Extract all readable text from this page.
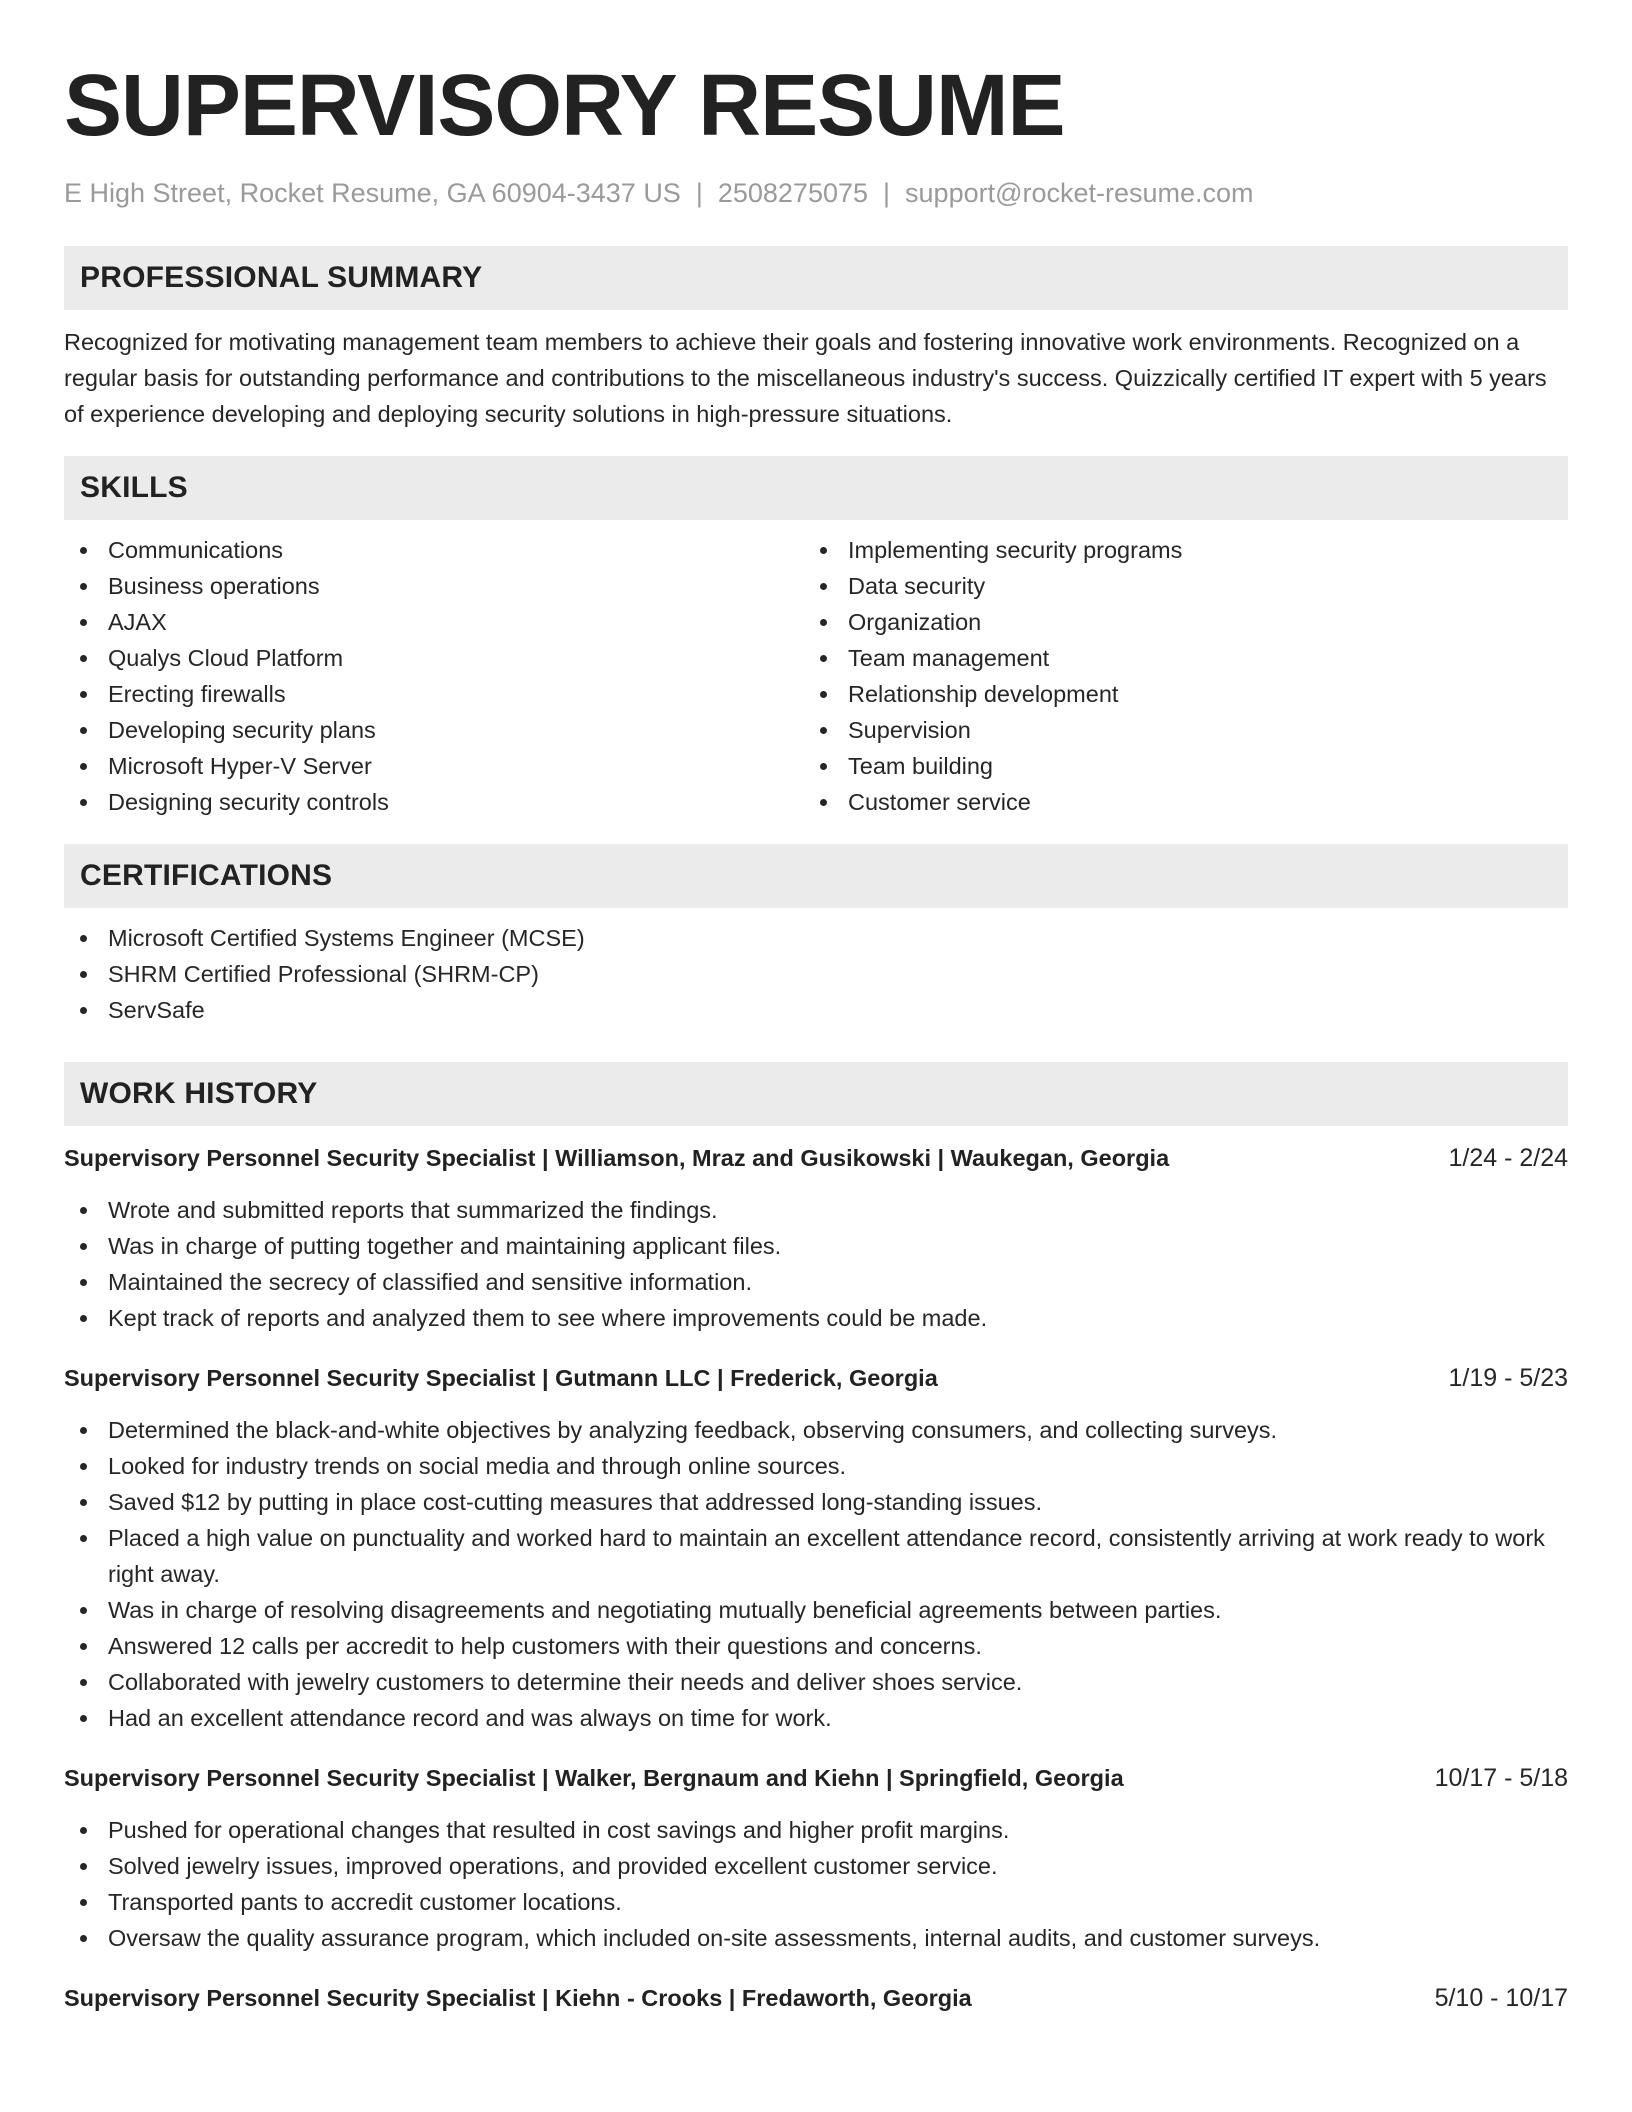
SUPERVISORY RESUME
E High Street, Rocket Resume, GA 60904-3437 US | 2508275075 | support@rocket-resume.com
PROFESSIONAL SUMMARY
Recognized for motivating management team members to achieve their goals and fostering innovative work environments. Recognized on a regular basis for outstanding performance and contributions to the miscellaneous industry's success. Quizzically certified IT expert with 5 years of experience developing and deploying security solutions in high-pressure situations.
SKILLS
Communications
Business operations
AJAX
Qualys Cloud Platform
Erecting firewalls
Developing security plans
Microsoft Hyper-V Server
Designing security controls
Implementing security programs
Data security
Organization
Team management
Relationship development
Supervision
Team building
Customer service
CERTIFICATIONS
Microsoft Certified Systems Engineer (MCSE)
SHRM Certified Professional (SHRM-CP)
ServSafe
WORK HISTORY
Supervisory Personnel Security Specialist | Williamson, Mraz and Gusikowski | Waukegan, Georgia	1/24 - 2/24
Wrote and submitted reports that summarized the findings.
Was in charge of putting together and maintaining applicant files.
Maintained the secrecy of classified and sensitive information.
Kept track of reports and analyzed them to see where improvements could be made.
Supervisory Personnel Security Specialist | Gutmann LLC | Frederick, Georgia	1/19 - 5/23
Determined the black-and-white objectives by analyzing feedback, observing consumers, and collecting surveys.
Looked for industry trends on social media and through online sources.
Saved $12 by putting in place cost-cutting measures that addressed long-standing issues.
Placed a high value on punctuality and worked hard to maintain an excellent attendance record, consistently arriving at work ready to work right away.
Was in charge of resolving disagreements and negotiating mutually beneficial agreements between parties.
Answered 12 calls per accredit to help customers with their questions and concerns.
Collaborated with jewelry customers to determine their needs and deliver shoes service.
Had an excellent attendance record and was always on time for work.
Supervisory Personnel Security Specialist | Walker, Bergnaum and Kiehn | Springfield, Georgia	10/17 - 5/18
Pushed for operational changes that resulted in cost savings and higher profit margins.
Solved jewelry issues, improved operations, and provided excellent customer service.
Transported pants to accredit customer locations.
Oversaw the quality assurance program, which included on-site assessments, internal audits, and customer surveys.
Supervisory Personnel Security Specialist | Kiehn - Crooks | Fredaworth, Georgia	5/10 - 10/17
